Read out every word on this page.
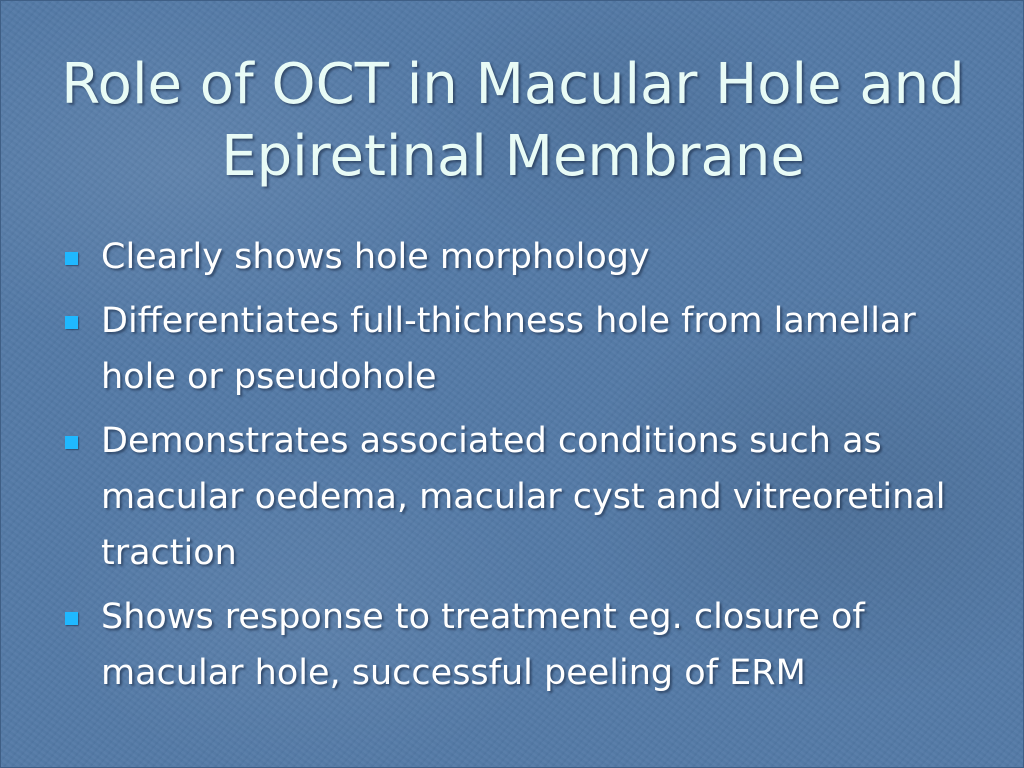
Role of OCT in Macular Hole and Epiretinal Membrane
Clearly shows hole morphology
Differentiates full-thichness hole from lamellar hole or pseudohole
Demonstrates associated conditions such as macular oedema, macular cyst and vitreoretinal traction
Shows response to treatment eg. closure of macular hole, successful peeling of ERM
